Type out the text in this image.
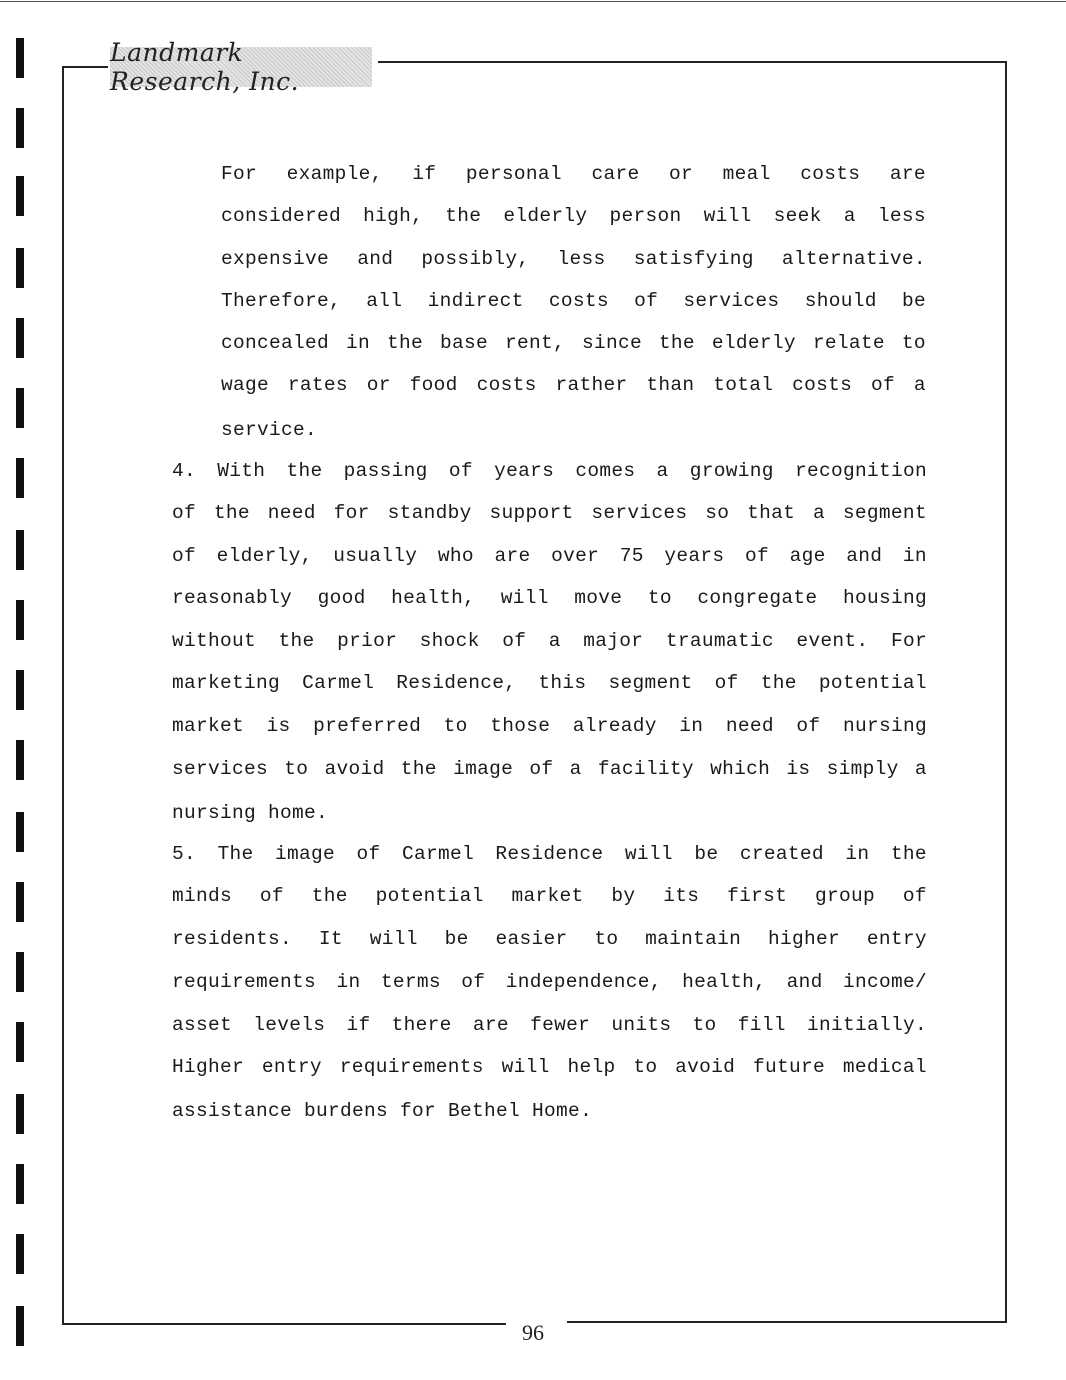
Landmark Research, Inc.
For example, if personal care or meal costs are
considered high, the elderly person will seek a less
expensive and possibly, less satisfying alternative.
Therefore, all indirect costs of services should be
concealed in the base rent, since the elderly relate to
wage rates or food costs rather than total costs of a
service.
4. With the passing of years comes a growing recognition
of the need for standby support services so that a segment
of elderly, usually who are over 75 years of age and in
reasonably good health, will move to congregate housing
without the prior shock of a major traumatic event. For
marketing Carmel Residence, this segment of the potential
market is preferred to those already in need of nursing
services to avoid the image of a facility which is simply a
nursing home.
5. The image of Carmel Residence will be created in the
minds of the potential market by its first group of
residents. It will be easier to maintain higher entry
requirements in terms of independence, health, and income/
asset levels if there are fewer units to fill initially.
Higher entry requirements will help to avoid future medical
assistance burdens for Bethel Home.
96
